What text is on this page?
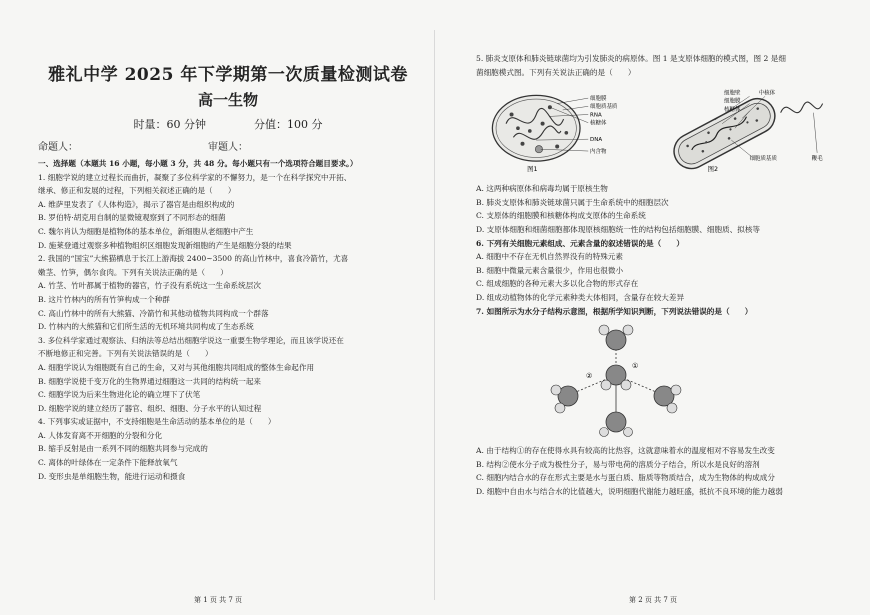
雅礼中学 2025 年下学期第一次质量检测试卷
高一生物
时量：60 分钟	分值：100 分
命题人：	审题人：
一、选择题（本题共 16 小题，每小题 3 分，共 48 分。每小题只有一个选项符合题目要求。）
1. 细胞学说的建立过程长而曲折，凝聚了多位科学家的不懈努力，是一个在科学探究中开拓、
继承、修正和发展的过程，下列相关叙述正确的是（　　）
A. 维萨里发表了《人体构造》，揭示了器官是由组织构成的
B. 罗伯特·胡克用自制的显微镜观察到了不同形态的细菌
C. 魏尔肖认为细胞是植物体的基本单位，新细胞从老细胞中产生
D. 施莱登通过观察多种植物组织区细胞发现新细胞的产生是细胞分裂的结果
2. 我国的“国宝”大熊猫栖息于长江上游海拔 2400~3500 的高山竹林中，喜食冷箭竹，尤喜
嫩茎、竹笋，偶尔食肉。下列有关说法正确的是（　　）
A. 竹茎、竹叶都属于植物的器官，竹子没有系统这一生命系统层次
B. 这片竹林内的所有竹笋构成一个种群
C. 高山竹林中的所有大熊猫、冷箭竹和其他动植物共同构成一个群落
D. 竹林内的大熊猫和它们所生活的无机环境共同构成了生态系统
3. 多位科学家通过观察法、归纳法等总结出细胞学说这一重要生物学理论，而且该学说还在
不断地修正和完善。下列有关说法错误的是（　　）
A. 细胞学说认为细胞既有自己的生命，又对与其他细胞共同组成的整体生命起作用
B. 细胞学说使千变万化的生物界通过细胞这一共同的结构统一起来
C. 细胞学说为后来生物进化论的确立埋下了伏笔
D. 细胞学说的建立经历了器官、组织、细胞、分子水平的认知过程
4. 下列事实或证据中，不支持细胞是生命活动的基本单位的是（　　）
A. 人体发育离不开细胞的分裂和分化
B. 缩手反射是由一系列不同的细胞共同参与完成的
C. 离体的叶绿体在一定条件下能释放氧气
D. 变形虫是单细胞生物，能进行运动和摄食
第 1 页 共 7 页
5. 肺炎支原体和肺炎链球菌均为引发肺炎的病原体。图 1 是支原体细胞的模式图，图 2 是细
菌细胞模式图。下列有关说法正确的是（　　）
细胞膜
细胞质基质
RNA
核糖体
DNA
内含物
图1
细胞壁
细胞膜
中核体
核糖体
细胞质基质	鞭毛
图2
A. 这两种病原体和病毒均属于原核生物
B. 肺炎支原体和肺炎链球菌只属于生命系统中的细胞层次
C. 支原体的细胞膜和核糖体构成支原体的生命系统
D. 支原体细胞和细菌细胞都体现原核细胞统一性的结构包括细胞膜、细胞质、拟核等
6. 下列有关细胞元素组成、元素含量的叙述错误的是（　　）
A. 细胞中不存在无机自然界没有的特殊元素
B. 细胞中微量元素含量很少，作用也很微小
C. 组成细胞的各种元素大多以化合物的形式存在
D. 组成动植物体的化学元素种类大体相同，含量存在较大差异
7. 如图所示为水分子结构示意图，根据所学知识判断，下列说法错误的是（　　）
①
②
A. 由于结构①的存在使得水具有较高的比热容，这就意味着水的温度相对不容易发生改变
B. 结构②使水分子成为极性分子，易与带电荷的溶质分子结合，所以水是良好的溶剂
C. 细胞内结合水的存在形式主要是水与蛋白质、脂质等物质结合，成为生物体的构成成分
D. 细胞中自由水与结合水的比值越大，说明细胞代谢能力越旺盛，抵抗不良环境的能力越弱
第 2 页 共 7 页
